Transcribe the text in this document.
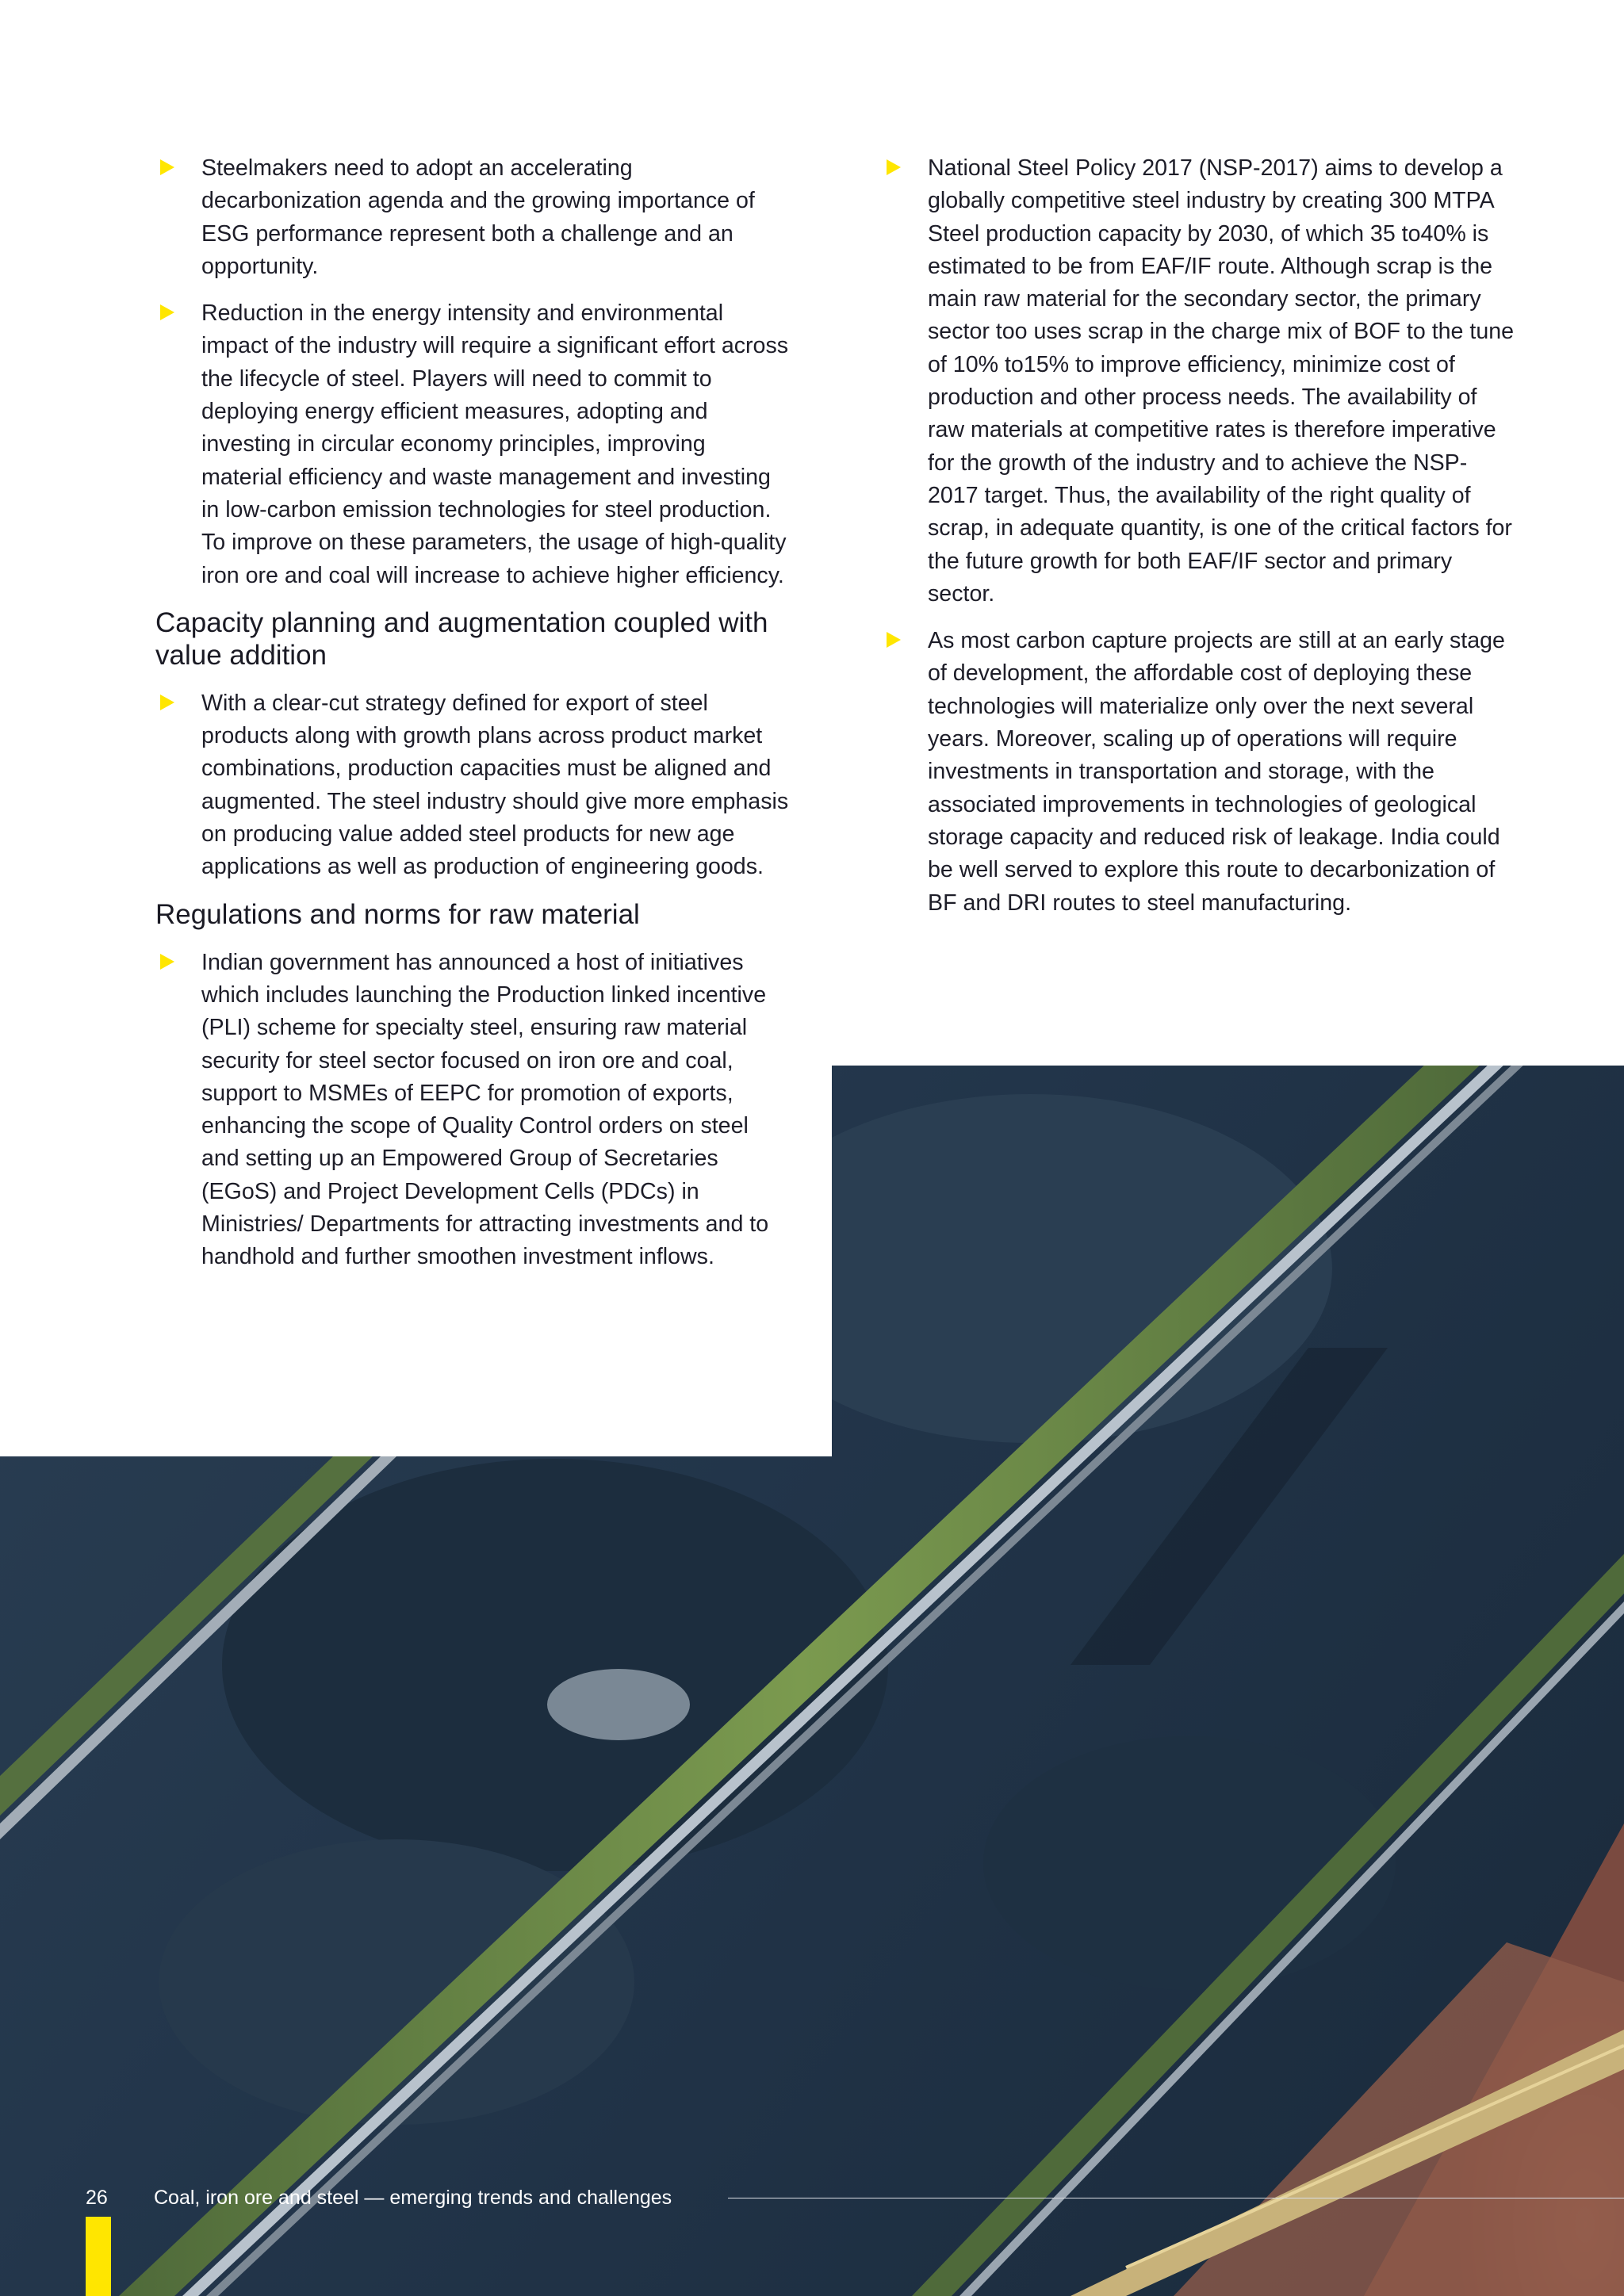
Steelmakers need to adopt an accelerating decarbonization agenda and the growing importance of ESG performance represent both a challenge and an opportunity.

Reduction in the energy intensity and environmental impact of the industry will require a significant effort across the lifecycle of steel. Players will need to commit to deploying energy efficient measures, adopting and investing in circular economy principles, improving material efficiency and waste management and investing in low-carbon emission technologies for steel production. To improve on these parameters, the usage of high-quality iron ore and coal will increase to achieve higher efficiency.

Capacity planning and augmentation coupled with value addition

With a clear-cut strategy defined for export of steel products along with growth plans across product market combinations, production capacities must be aligned and augmented. The steel industry should give more emphasis on producing value added steel products for new age applications as well as production of engineering goods.

Regulations and norms for raw material

Indian government has announced a host of initiatives which includes launching the Production linked incentive (PLI) scheme for specialty steel, ensuring raw material security for steel sector focused on iron ore and coal, support to MSMEs of EEPC for promotion of exports, enhancing the scope of Quality Control orders on steel and setting up an Empowered Group of Secretaries (EGoS) and Project Development Cells (PDCs) in Ministries/ Departments for attracting investments and to handhold and further smoothen investment inflows.

National Steel Policy 2017 (NSP-2017) aims to develop a globally competitive steel industry by creating 300 MTPA Steel production capacity by 2030, of which 35 to40% is estimated to be from EAF/IF route. Although scrap is the main raw material for the secondary sector, the primary sector too uses scrap in the charge mix of BOF to the tune of 10% to15% to improve efficiency, minimize cost of production and other process needs. The availability of raw materials at competitive rates is therefore imperative for the growth of the industry and to achieve the NSP-2017 target. Thus, the availability of the right quality of scrap, in adequate quantity, is one of the critical factors for the future growth for both EAF/IF sector and primary sector.

As most carbon capture projects are still at an early stage of development, the affordable cost of deploying these technologies will materialize only over the next several years. Moreover, scaling up of operations will require investments in transportation and storage, with the associated improvements in technologies of geological storage capacity and reduced risk of leakage. India could be well served to explore this route to decarbonization of BF and DRI routes to steel manufacturing.

26 Coal, iron ore and steel — emerging trends and challenges
